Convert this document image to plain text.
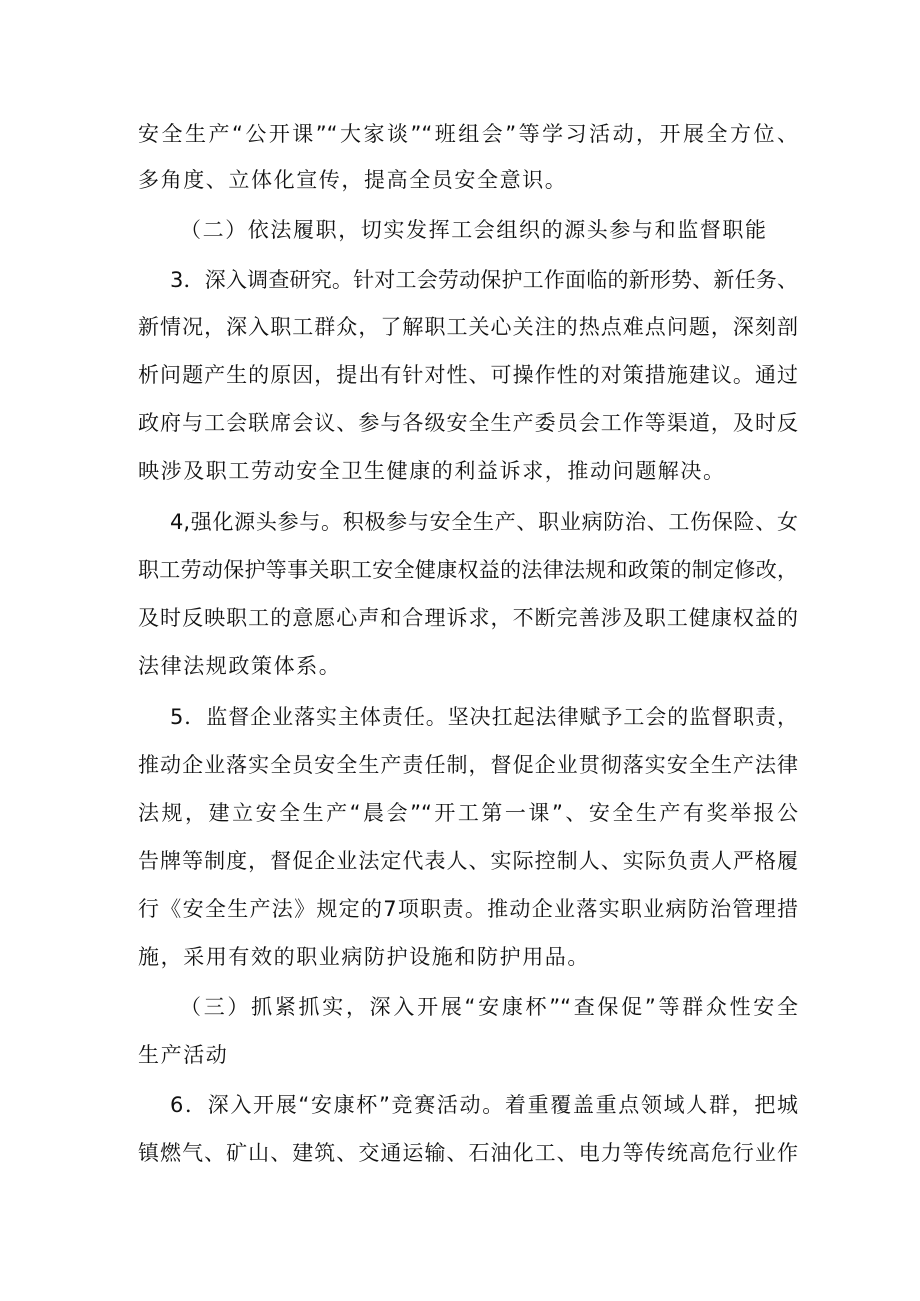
安全生产“公开课”“大家谈”“班组会”等学习活动，开展全方位、
多角度、立体化宣传，提高全员安全意识。
（二）依法履职，切实发挥工会组织的源头参与和监督职能
3．深入调查研究。针对工会劳动保护工作面临的新形势、新任务、
新情况，深入职工群众，了解职工关心关注的热点难点问题，深刻剖
析问题产生的原因，提出有针对性、可操作性的对策措施建议。通过
政府与工会联席会议、参与各级安全生产委员会工作等渠道，及时反
映涉及职工劳动安全卫生健康的利益诉求，推动问题解决。
4,强化源头参与。积极参与安全生产、职业病防治、工伤保险、女
职工劳动保护等事关职工安全健康权益的法律法规和政策的制定修改，
及时反映职工的意愿心声和合理诉求，不断完善涉及职工健康权益的
法律法规政策体系。
5．监督企业落实主体责任。坚决扛起法律赋予工会的监督职责，
推动企业落实全员安全生产责任制，督促企业贯彻落实安全生产法律
法规，建立安全生产“晨会”“开工第一课”、安全生产有奖举报公
告牌等制度，督促企业法定代表人、实际控制人、实际负责人严格履
行《安全生产法》规定的7项职责。推动企业落实职业病防治管理措
施，采用有效的职业病防护设施和防护用品。
（三）抓紧抓实，深入开展“安康杯”“查保促”等群众性安全
生产活动
6．深入开展“安康杯”竞赛活动。着重覆盖重点领域人群，把城
镇燃气、矿山、建筑、交通运输、石油化工、电力等传统高危行业作
